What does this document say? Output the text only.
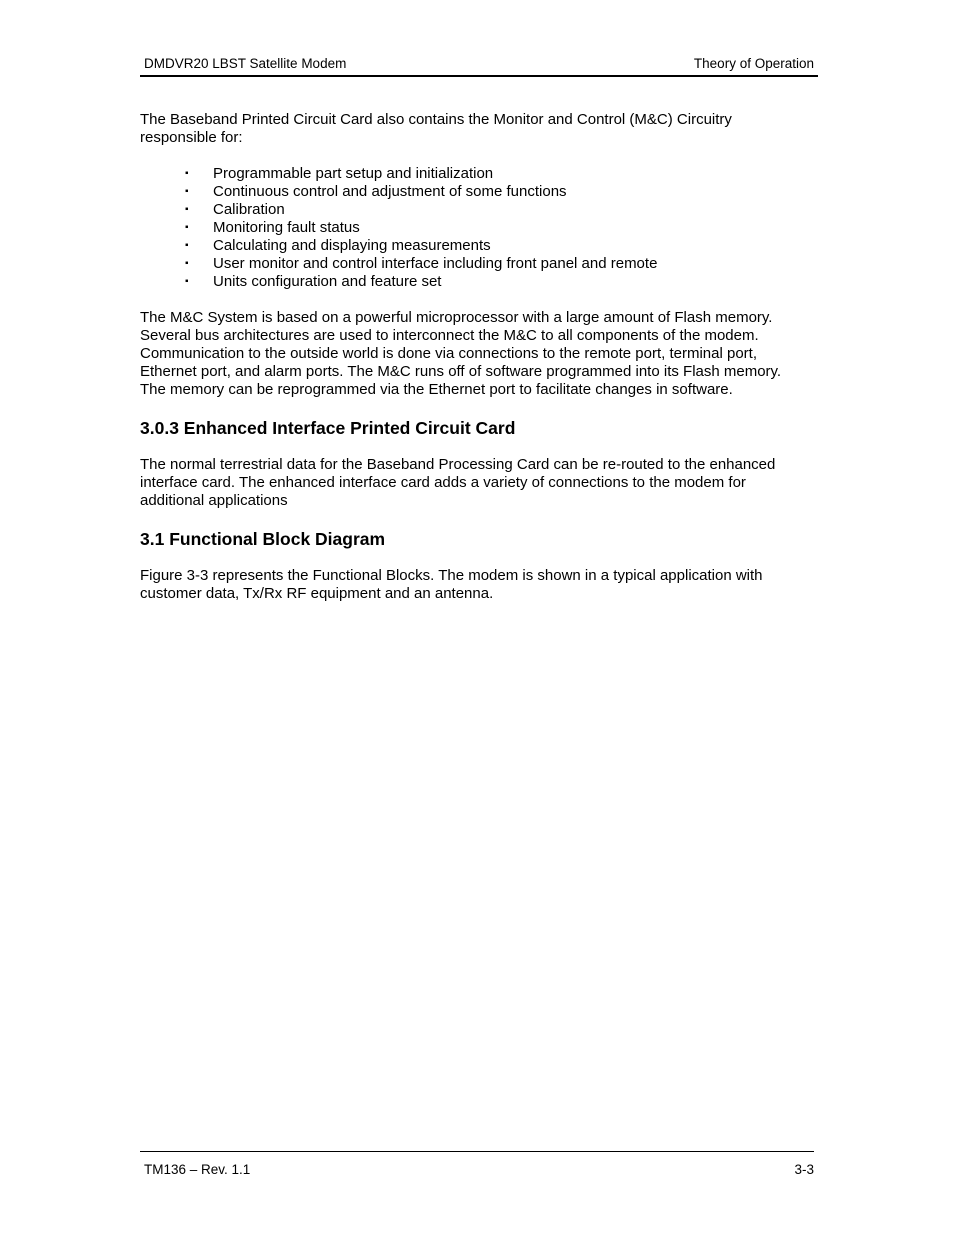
DMDVR20 LBST Satellite Modem	Theory of Operation

The Baseband Printed Circuit Card also contains the Monitor and Control (M&C) Circuitry
responsible for:

▪ Programmable part setup and initialization
▪ Continuous control and adjustment of some functions
▪ Calibration
▪ Monitoring fault status
▪ Calculating and displaying measurements
▪ User monitor and control interface including front panel and remote
▪ Units configuration and feature set

The M&C System is based on a powerful microprocessor with a large amount of Flash memory.
Several bus architectures are used to interconnect the M&C to all components of the modem.
Communication to the outside world is done via connections to the remote port, terminal port,
Ethernet port, and alarm ports. The M&C runs off of software programmed into its Flash memory.
The memory can be reprogrammed via the Ethernet port to facilitate changes in software.

3.0.3 Enhanced Interface Printed Circuit Card

The normal terrestrial data for the Baseband Processing Card can be re-routed to the enhanced
interface card. The enhanced interface card adds a variety of connections to the modem for
additional applications

3.1 Functional Block Diagram

Figure 3-3 represents the Functional Blocks. The modem is shown in a typical application with
customer data, Tx/Rx RF equipment and an antenna.

TM136 – Rev. 1.1	3-3
